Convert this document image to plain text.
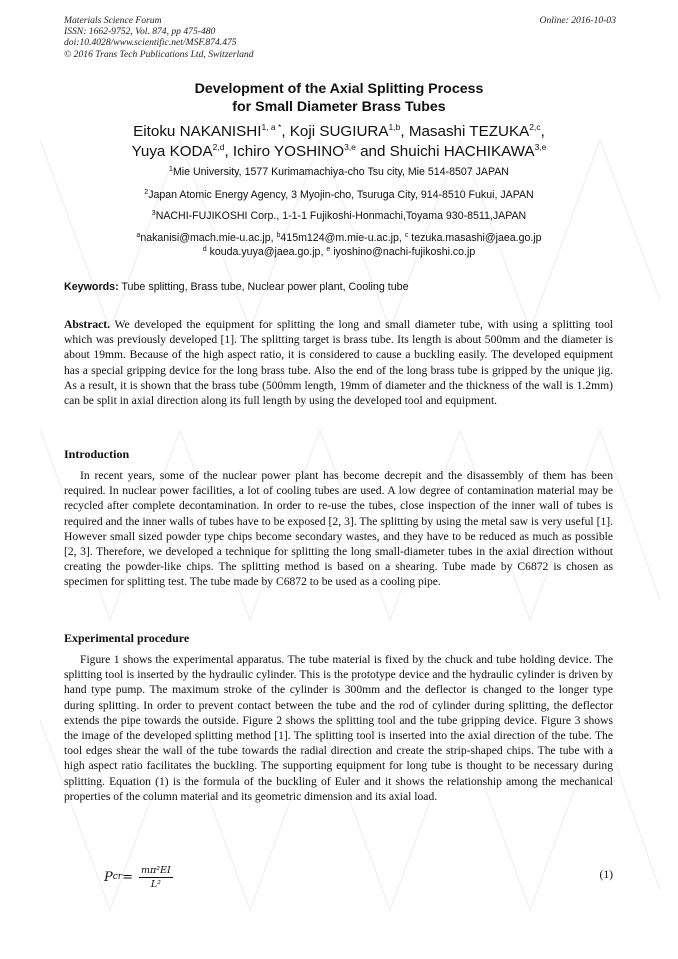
Materials Science Forum
ISSN: 1662-9752, Vol. 874, pp 475-480
doi:10.4028/www.scientific.net/MSF.874.475
© 2016 Trans Tech Publications Ltd, Switzerland
Online: 2016-10-03
Development of the Axial Splitting Process
for Small Diameter Brass Tubes
Eitoku $NAKANISHI^{1, a *}$, Koji SUGIURA$^{1,b}$, Masashi TEZUKA$^{2,c}$,
Yuya KODA$^{2,d}$, Ichiro YOSHINO$^{3,e}$ and Shuichi HACHIKAWA$^{3,e}$
$^1$Mie University, 1577 Kurimamachiya-cho Tsu city, Mie 514-8507 JAPAN
$^2$Japan Atomic Energy Agency, 3 Myojin-cho, Tsuruga City, 914-8510 Fukui, JAPAN
$^3$NACHI-FUJIKOSHI Corp., 1-1-1 Fujikoshi-Honmachi,Toyama 930-8511,JAPAN
$^a$nakanisi@mach.mie-u.ac.jp, $^b$415m124@m.mie-u.ac.jp, $^c$ tezuka.masashi@jaea.go.jp
$^d$ kouda.yuya@jaea.go.jp, $^e$ iyoshino@nachi-fujikoshi.co.jp
Keywords: Tube splitting, Brass tube, Nuclear power plant, Cooling tube
Abstract. We developed the equipment for splitting the long and small diameter tube, with using a splitting tool which was previously developed [1]. The splitting target is brass tube. Its length is about 500mm and the diameter is about 19mm. Because of the high aspect ratio, it is considered to cause a buckling easily. The developed equipment has a special gripping device for the long brass tube. Also the end of the long brass tube is gripped by the unique jig. As a result, it is shown that the brass tube (500mm length, 19mm of diameter and the thickness of the wall is 1.2mm) can be split in axial direction along its full length by using the developed tool and equipment.
Introduction
In recent years, some of the nuclear power plant has become decrepit and the disassembly of them has been required. In nuclear power facilities, a lot of cooling tubes are used. A low degree of contamination material may be recycled after complete decontamination. In order to re-use the tubes, close inspection of the inner wall of tubes is required and the inner walls of tubes have to be exposed [2, 3]. The splitting by using the metal saw is very useful [1]. However small sized powder type chips become secondary wastes, and they have to be reduced as much as possible [2, 3]. Therefore, we developed a technique for splitting the long small-diameter tubes in the axial direction without creating the powder-like chips. The splitting method is based on a shearing. Tube made by C6872 is chosen as specimen for splitting test. The tube made by C6872 to be used as a cooling pipe.
Experimental procedure
Figure 1 shows the experimental apparatus. The tube material is fixed by the chuck and tube holding device. The splitting tool is inserted by the hydraulic cylinder. This is the prototype device and the hydraulic cylinder is driven by hand type pump. The maximum stroke of the cylinder is 300mm and the deflector is changed to the longer type during splitting. In order to prevent contact between the tube and the rod of cylinder during splitting, the deflector extends the pipe towards the outside. Figure 2 shows the splitting tool and the tube gripping device. Figure 3 shows the image of the developed splitting method [1]. The splitting tool is inserted into the axial direction of the tube. The tool edges shear the wall of the tube towards the radial direction and create the strip-shaped chips. The tube with a high aspect ratio facilitates the buckling. The supporting equipment for long tube is thought to be necessary during splitting. Equation (1) is the formula of the buckling of Euler and it shows the relationship among the mechanical properties of the column material and its geometric dimension and its axial load.
P cr = $\frac{\text{mπ²EI}}{\text{L²}}$	(1)
